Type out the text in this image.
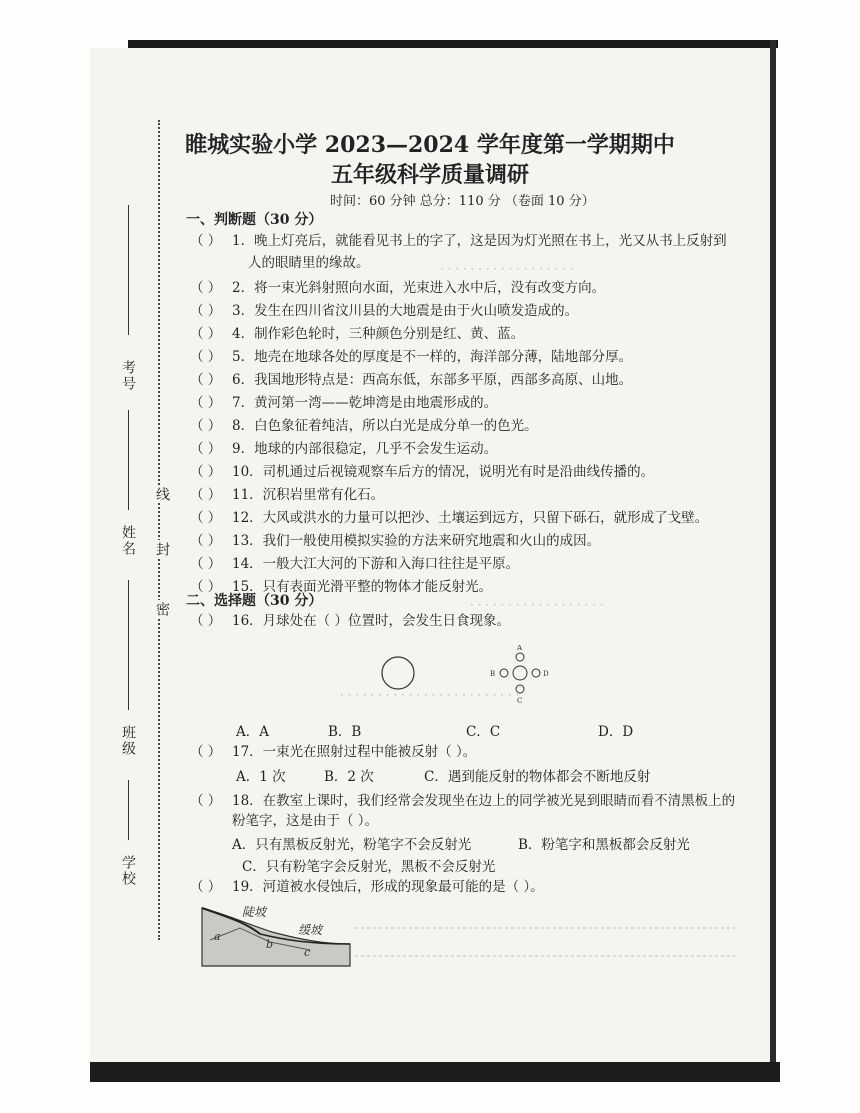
· · · · · · · · · · · · · · · · · ·
· · · · · · · · · · · · · · · · · ·
· · · · · · · · · · · · · · · · · · · · · · · ·
考号
姓名
班级
学校
线
封
密
睢城实验小学 2023—2024 学年度第一学期期中
五年级科学质量调研
时间：60 分钟 总分：110 分 （卷面 10 分）
一、判断题（30 分）
（ ） 1．晚上灯亮后，就能看见书上的字了，这是因为灯光照在书上，光又从书上反射到
人的眼睛里的缘故。
（ ） 2．将一束光斜射照向水面，光束进入水中后，没有改变方向。
（ ） 3．发生在四川省汶川县的大地震是由于火山喷发造成的。
（ ） 4．制作彩色轮时，三种颜色分别是红、黄、蓝。
（ ） 5．地壳在地球各处的厚度是不一样的，海洋部分薄，陆地部分厚。
（ ） 6．我国地形特点是：西高东低，东部多平原，西部多高原、山地。
（ ） 7．黄河第一湾——乾坤湾是由地震形成的。
（ ） 8．白色象征着纯洁，所以白光是成分单一的色光。
（ ） 9．地球的内部很稳定，几乎不会发生运动。
（ ） 10．司机通过后视镜观察车后方的情况，说明光有时是沿曲线传播的。
（ ） 11．沉积岩里常有化石。
（ ） 12．大风或洪水的力量可以把沙、土壤运到远方，只留下砾石，就形成了戈壁。
（ ） 13．我们一般使用模拟实验的方法来研究地震和火山的成因。
（ ） 14．一般大江大河的下游和入海口往往是平原。
（ ） 15．只有表面光滑平整的物体才能反射光。
二、选择题（30 分）
（ ） 16．月球处在（ ）位置时，会发生日食现象。
A
B	D
C
A．A	B．B	C．C	D．D
（ ） 17．一束光在照射过程中能被反射（ ）。
A．1 次	B．2 次	C．遇到能反射的物体都会不断地反射
（ ） 18．在教室上课时，我们经常会发现坐在边上的同学被光晃到眼睛而看不清黑板上的
粉笔字，这是由于（ ）。
A．只有黑板反射光，粉笔字不会反射光	B．粉笔字和黑板都会反射光
C．只有粉笔字会反射光，黑板不会反射光
（ ） 19．河道被水侵蚀后，形成的现象最可能的是（ ）。
陡坡
缓坡
a
b
c
